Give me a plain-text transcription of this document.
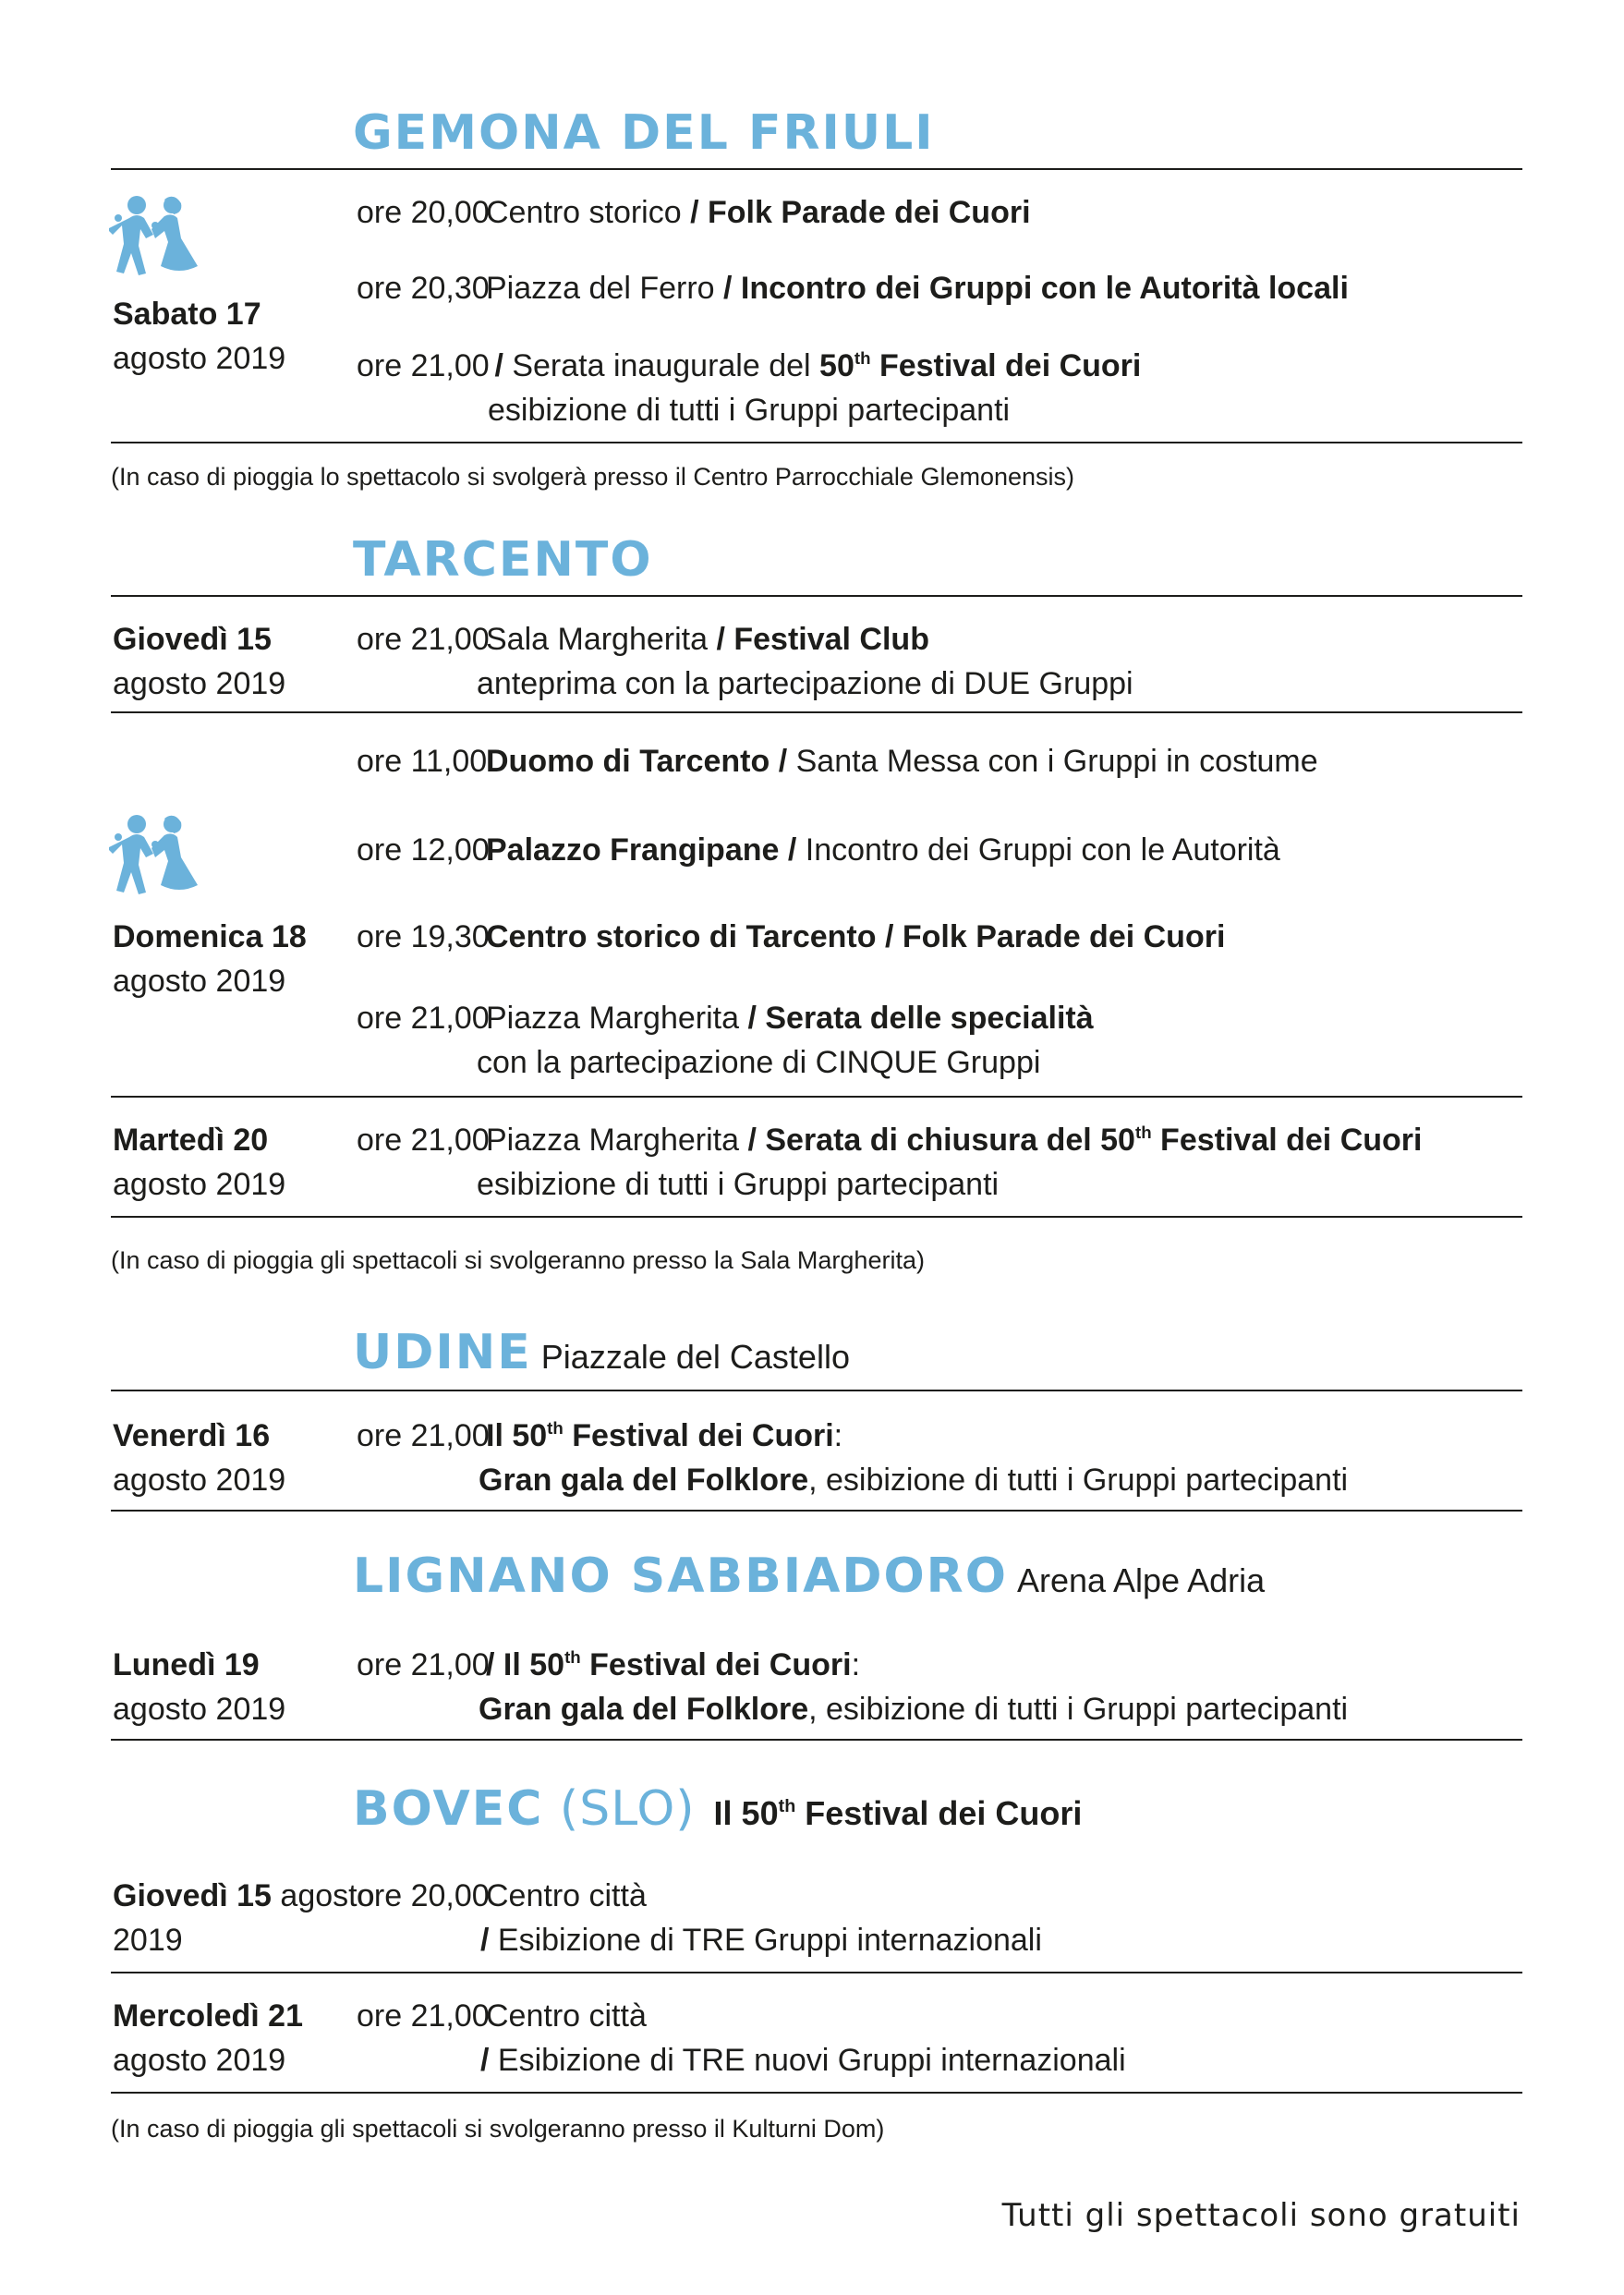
GEMONA DEL FRIULI
Sabato 17
agosto 2019
ore 20,00Centro storico / Folk Parade dei Cuori
ore 20,30Piazza del Ferro / Incontro dei Gruppi con le Autorità locali
ore 21,00 / Serata inaugurale del 50th Festival dei Cuori
esibizione di tutti i Gruppi partecipanti
(In caso di pioggia lo spettacolo si svolgerà presso il Centro Parrocchiale Glemonensis)
TARCENTO
Giovedì 15
agosto 2019
ore 21,00Sala Margherita / Festival Club
anteprima con la partecipazione di DUE Gruppi
Domenica 18
agosto 2019
ore 11,00Duomo di Tarcento / Santa Messa con i Gruppi in costume
ore 12,00Palazzo Frangipane / Incontro dei Gruppi con le Autorità
ore 19,30Centro storico di Tarcento / Folk Parade dei Cuori
ore 21,00Piazza Margherita / Serata delle specialità
con la partecipazione di CINQUE Gruppi
Martedì 20
agosto 2019
ore 21,00Piazza Margherita / Serata di chiusura del 50th Festival dei Cuori
esibizione di tutti i Gruppi partecipanti
(In caso di pioggia gli spettacoli si svolgeranno presso la Sala Margherita)
UDINE Piazzale del Castello
Venerdì 16
agosto 2019
ore 21,00Il 50th Festival dei Cuori:
Gran gala del Folklore, esibizione di tutti i Gruppi partecipanti
LIGNANO SABBIADORO Arena Alpe Adria
Lunedì 19
agosto 2019
ore 21,00/ Il 50th Festival dei Cuori:
Gran gala del Folklore, esibizione di tutti i Gruppi partecipanti
BOVEC (SLO) Il 50th Festival dei Cuori
Giovedì 15 agosto
2019
ore 20,00Centro città
/ Esibizione di TRE Gruppi internazionali
Mercoledì 21
agosto 2019
ore 21,00Centro città
/ Esibizione di TRE nuovi Gruppi internazionali
(In caso di pioggia gli spettacoli si svolgeranno presso il Kulturni Dom)
Tutti gli spettacoli sono gratuiti
